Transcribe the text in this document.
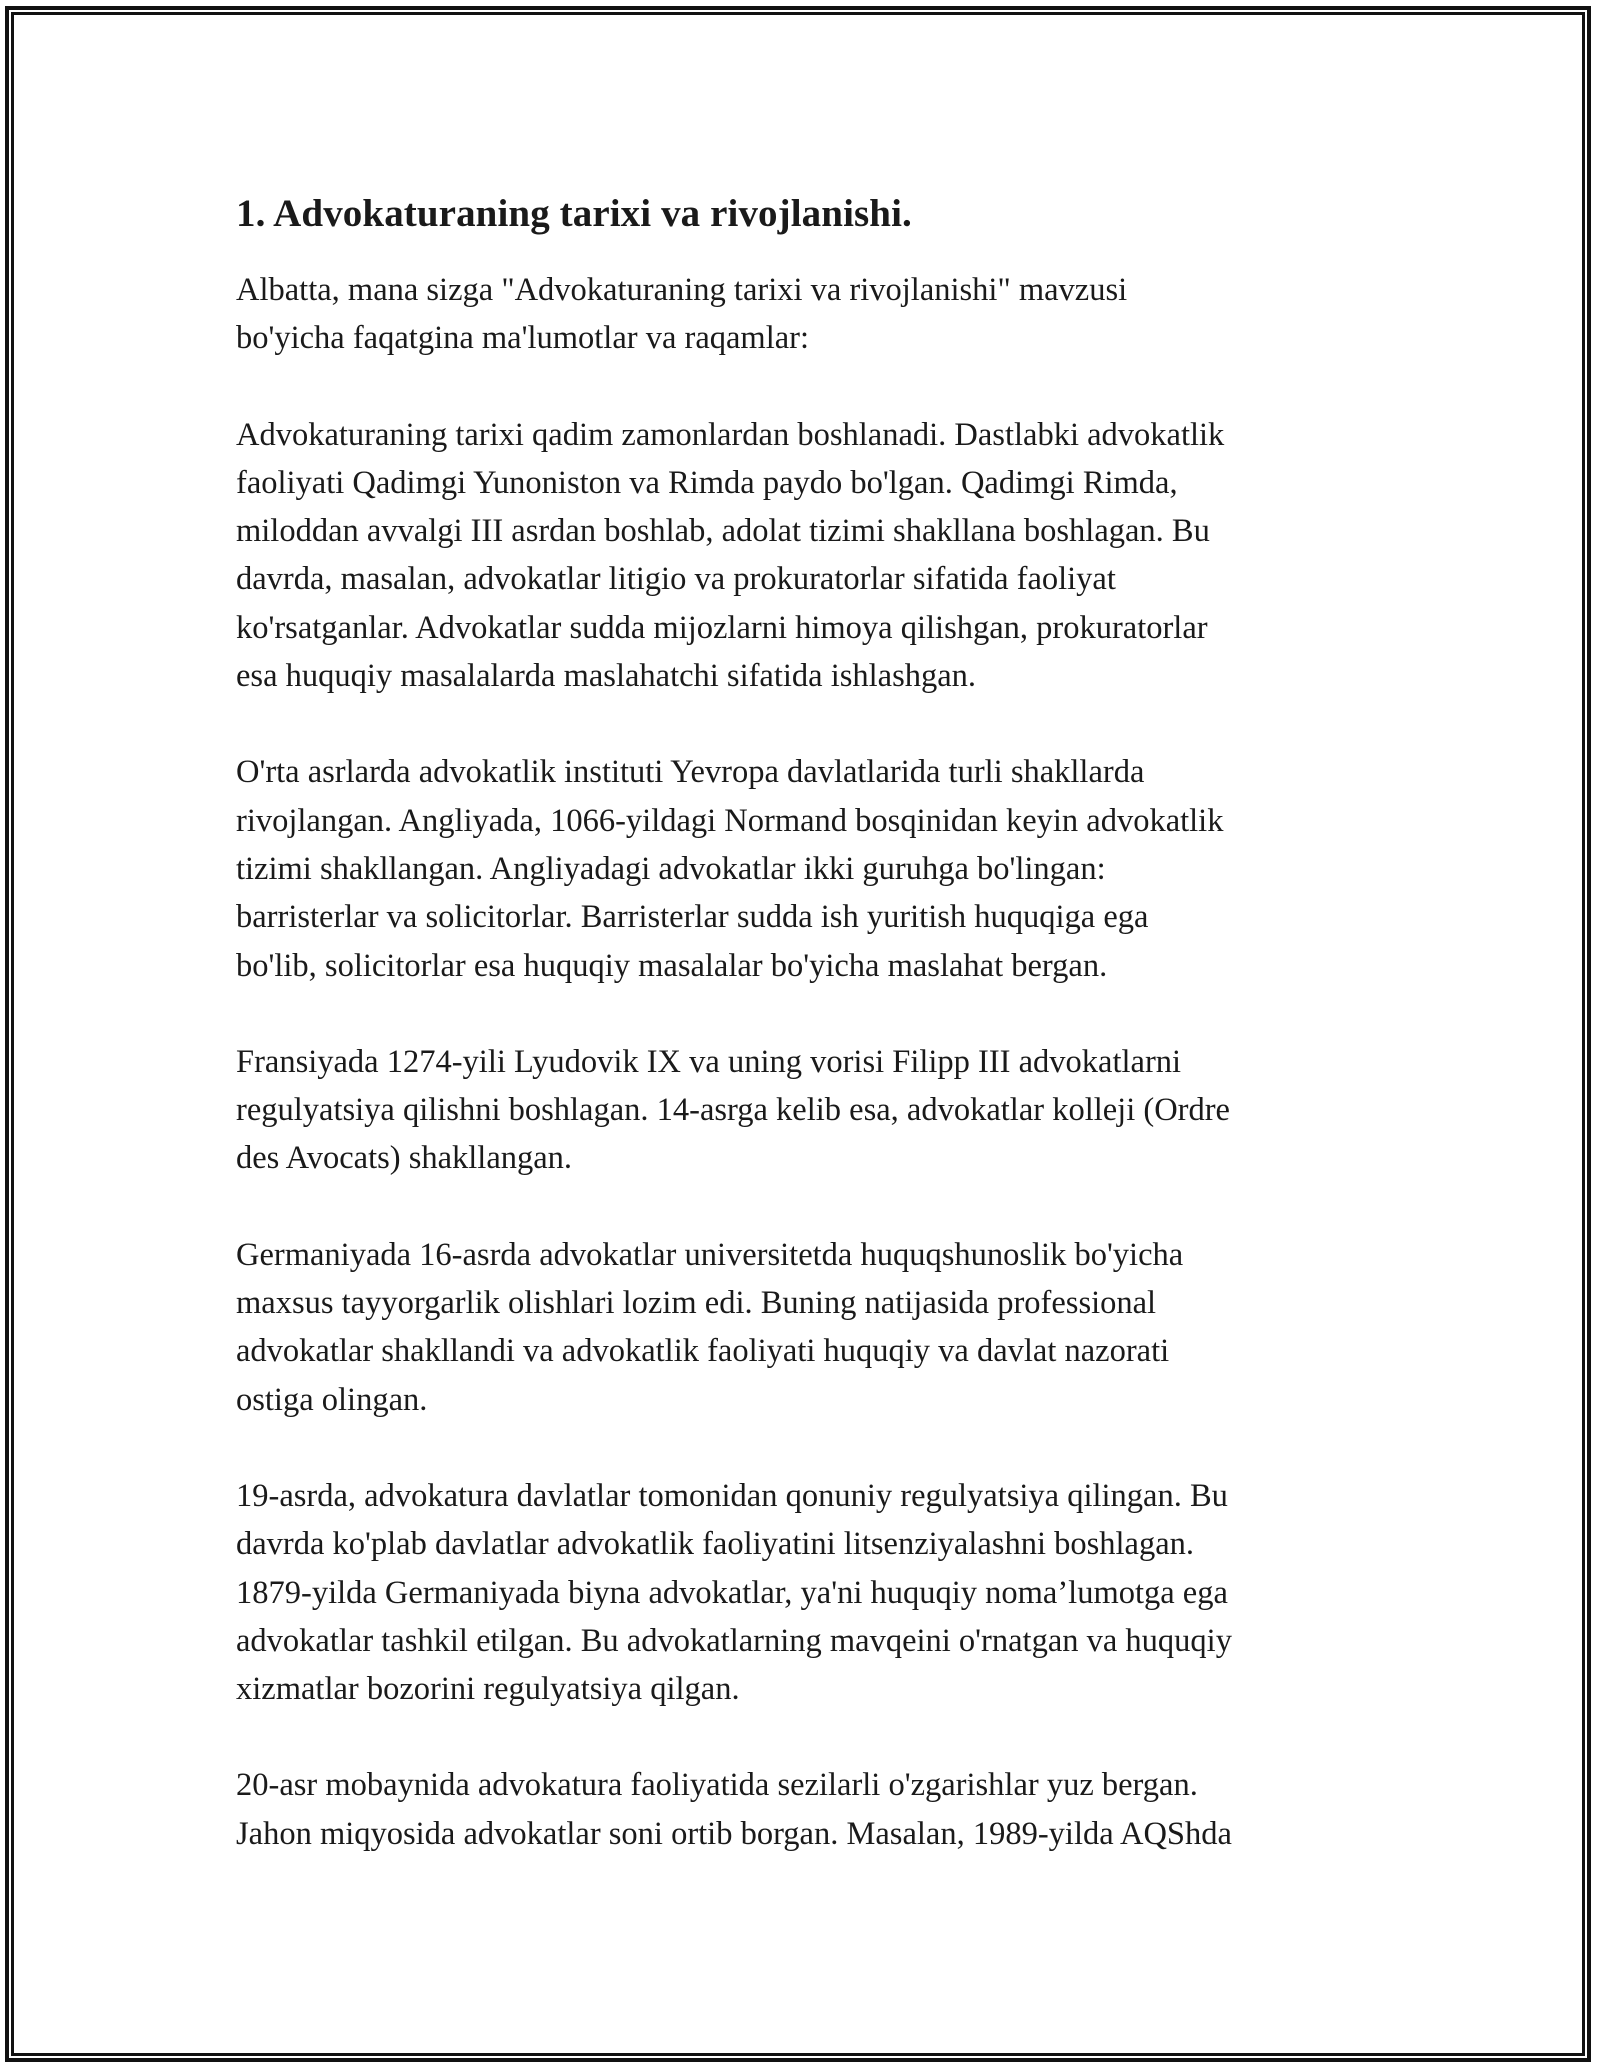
1. Advokaturaning tarixi va rivojlanishi.

Albatta, mana sizga "Advokaturaning tarixi va rivojlanishi" mavzusi
bo'yicha faqatgina ma'lumotlar va raqamlar:

Advokaturaning tarixi qadim zamonlardan boshlanadi. Dastlabki advokatlik
faoliyati Qadimgi Yunoniston va Rimda paydo bo'lgan. Qadimgi Rimda,
miloddan avvalgi III asrdan boshlab, adolat tizimi shakllana boshlagan. Bu
davrda, masalan, advokatlar litigio va prokuratorlar sifatida faoliyat
ko'rsatganlar. Advokatlar sudda mijozlarni himoya qilishgan, prokuratorlar
esa huquqiy masalalarda maslahatchi sifatida ishlashgan.

O'rta asrlarda advokatlik instituti Yevropa davlatlarida turli shakllarda
rivojlangan. Angliyada, 1066-yildagi Normand bosqinidan keyin advokatlik
tizimi shakllangan. Angliyadagi advokatlar ikki guruhga bo'lingan:
barristerlar va solicitorlar. Barristerlar sudda ish yuritish huquqiga ega
bo'lib, solicitorlar esa huquqiy masalalar bo'yicha maslahat bergan.

Fransiyada 1274-yili Lyudovik IX va uning vorisi Filipp III advokatlarni
regulyatsiya qilishni boshlagan. 14-asrga kelib esa, advokatlar kolleji (Ordre
des Avocats) shakllangan.

Germaniyada 16-asrda advokatlar universitetda huquqshunoslik bo'yicha
maxsus tayyorgarlik olishlari lozim edi. Buning natijasida professional
advokatlar shakllandi va advokatlik faoliyati huquqiy va davlat nazorati
ostiga olingan.

19-asrda, advokatura davlatlar tomonidan qonuniy regulyatsiya qilingan. Bu
davrda ko'plab davlatlar advokatlik faoliyatini litsenziyalashni boshlagan.
1879-yilda Germaniyada biyna advokatlar, ya'ni huquqiy noma’lumotga ega
advokatlar tashkil etilgan. Bu advokatlarning mavqeini o'rnatgan va huquqiy
xizmatlar bozorini regulyatsiya qilgan.

20-asr mobaynida advokatura faoliyatida sezilarli o'zgarishlar yuz bergan.
Jahon miqyosida advokatlar soni ortib borgan. Masalan, 1989-yilda AQShda
